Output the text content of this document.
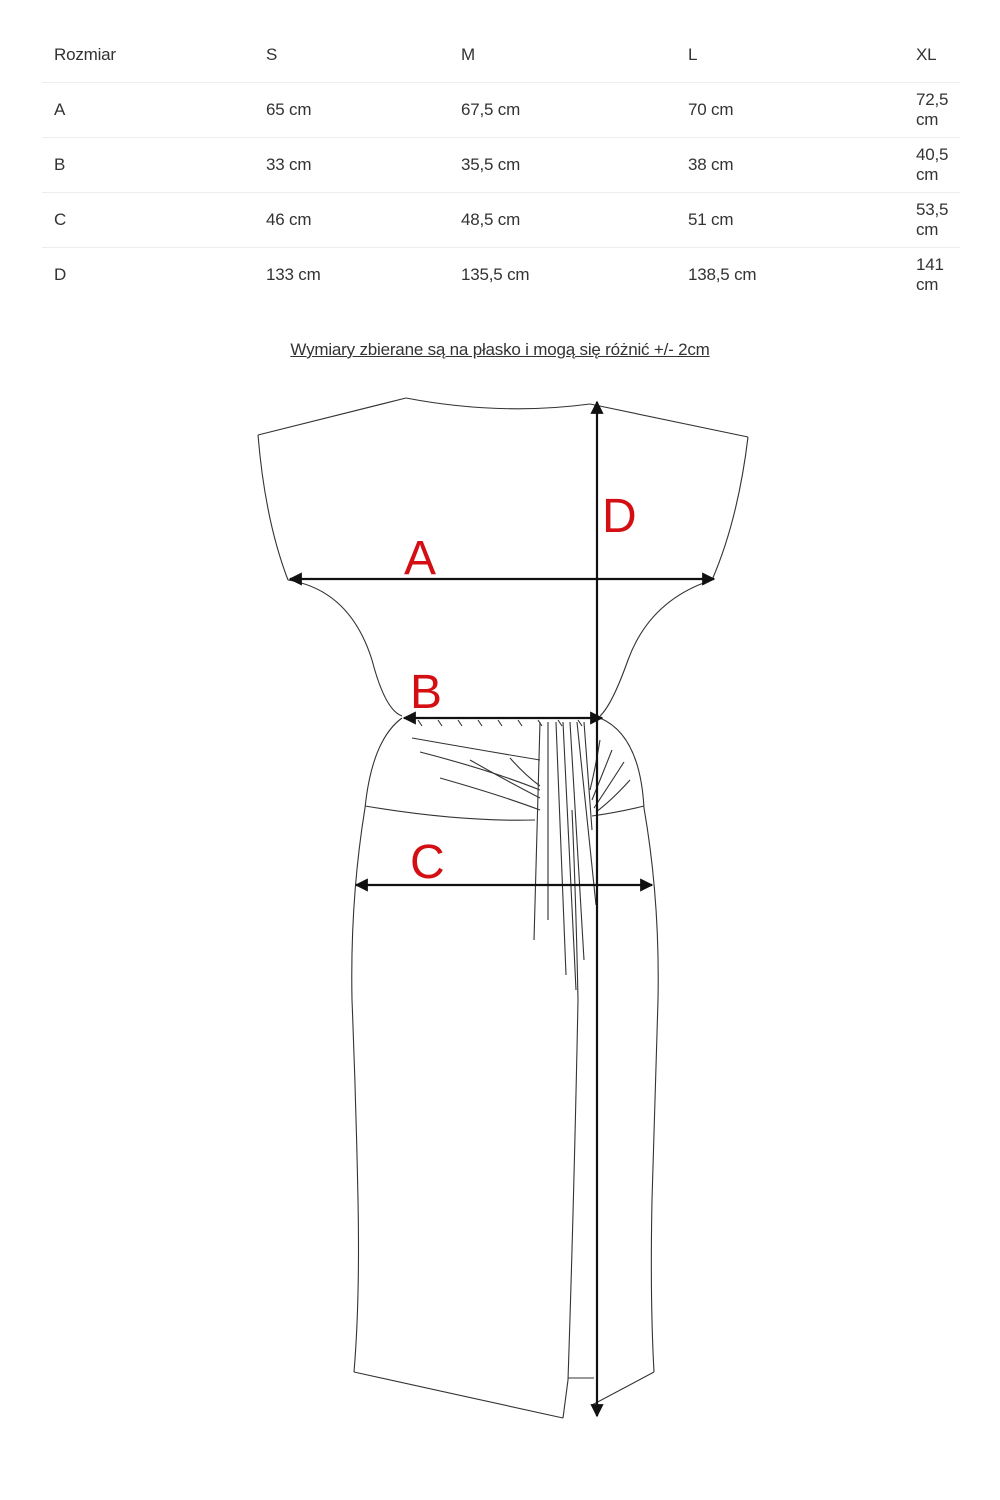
Rozmiar	S	M	L	XL
A	65 cm	67,5 cm	70 cm	72,5 cm
B	33 cm	35,5 cm	38 cm	40,5 cm
C	46 cm	48,5 cm	51 cm	53,5 cm
D	133 cm	135,5 cm	138,5 cm	141 cm
Wymiary zbierane są na płasko i mogą się różnić +/- 2cm
A
B
C
D
